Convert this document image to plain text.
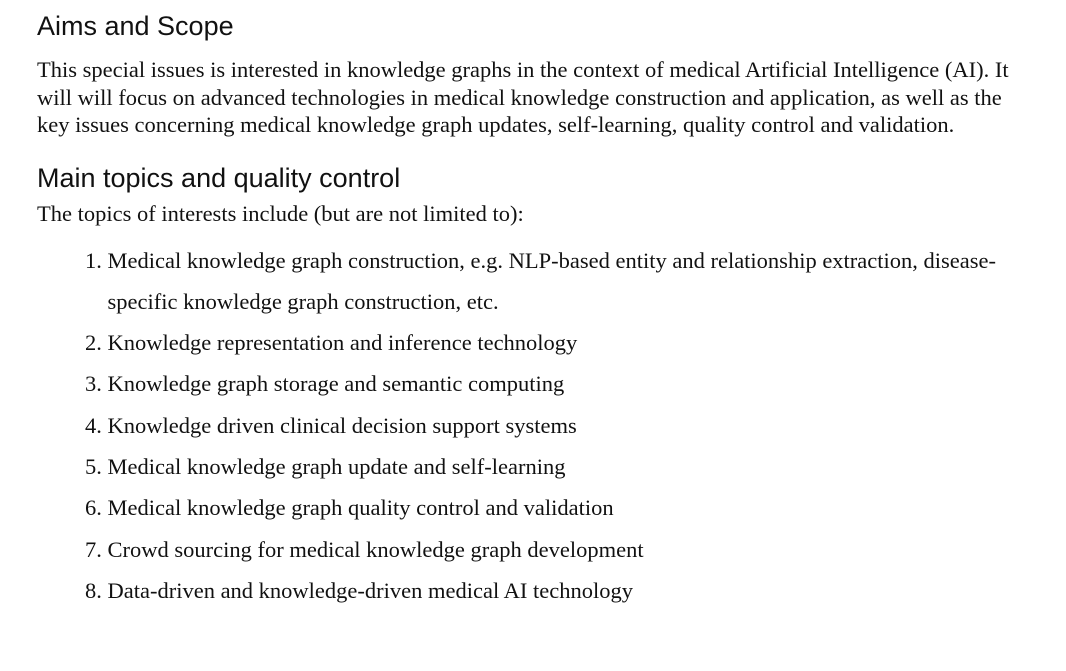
Aims and Scope

This special issues is interested in knowledge graphs in the context of medical Artificial Intelligence (AI). It will will focus on advanced technologies in medical knowledge construction and application, as well as the key issues concerning medical knowledge graph updates, self-learning, quality control and validation.

Main topics and quality control

The topics of interests include (but are not limited to):

1. Medical knowledge graph construction, e.g. NLP-based entity and relationship extraction, disease-specific knowledge graph construction, etc.
2. Knowledge representation and inference technology
3. Knowledge graph storage and semantic computing
4. Knowledge driven clinical decision support systems
5. Medical knowledge graph update and self-learning
6. Medical knowledge graph quality control and validation
7. Crowd sourcing for medical knowledge graph development
8. Data-driven and knowledge-driven medical AI technology
